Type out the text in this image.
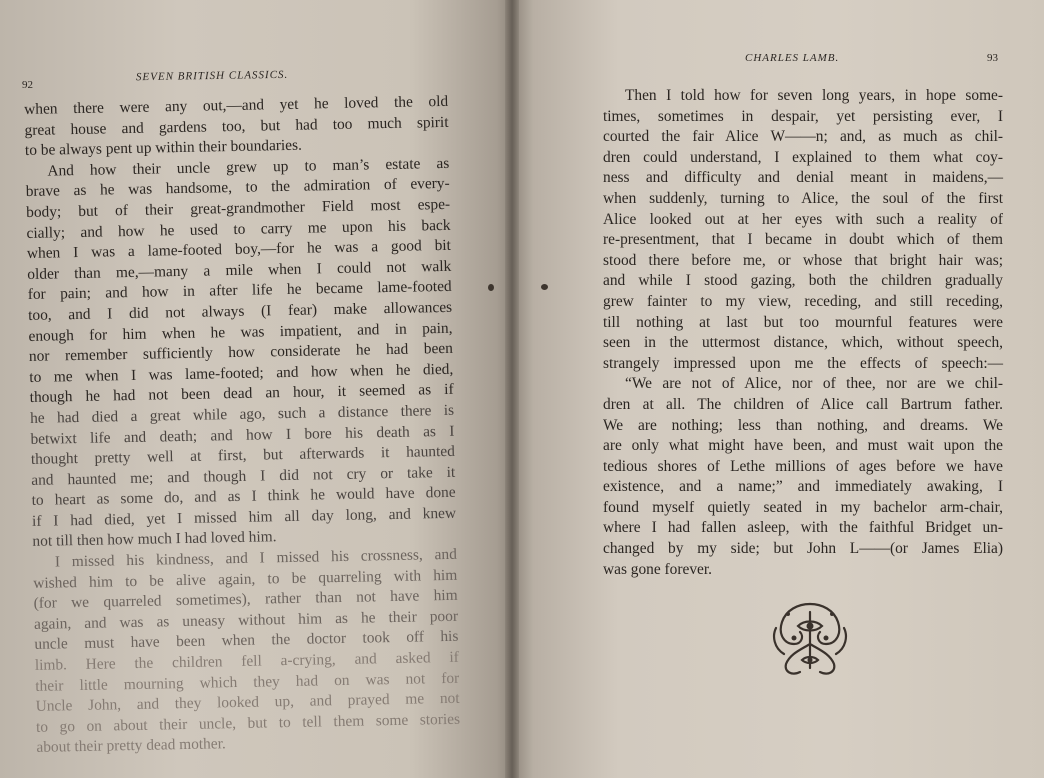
92
SEVEN BRITISH CLASSICS.
when there were any out,—and yet he loved the old
great house and gardens too, but had too much spirit
to be always pent up within their boundaries.
And how their uncle grew up to man’s estate as
brave as he was handsome, to the admiration of every-
body; but of their great-grandmother Field most espe-
cially; and how he used to carry me upon his back
when I was a lame-footed boy,—for he was a good bit
older than me,—many a mile when I could not walk
for pain; and how in after life he became lame-footed
too, and I did not always (I fear) make allowances
enough for him when he was impatient, and in pain,
nor remember sufficiently how considerate he had been
to me when I was lame-footed; and how when he died,
though he had not been dead an hour, it seemed as if
he had died a great while ago, such a distance there is
betwixt life and death; and how I bore his death as I
thought pretty well at first, but afterwards it haunted
and haunted me; and though I did not cry or take it
to heart as some do, and as I think he would have done
if I had died, yet I missed him all day long, and knew
not till then how much I had loved him.
I missed his kindness, and I missed his crossness, and
wished him to be alive again, to be quarreling with him
(for we quarreled sometimes), rather than not have him
again, and was as uneasy without him as he their poor
uncle must have been when the doctor took off his
limb. Here the children fell a-crying, and asked if
their little mourning which they had on was not for
Uncle John, and they looked up, and prayed me not
to go on about their uncle, but to tell them some stories
about their pretty dead mother.
CHARLES LAMB.	93
Then I told how for seven long years, in hope some-
times, sometimes in despair, yet persisting ever, I
courted the fair Alice W——n; and, as much as chil-
dren could understand, I explained to them what coy-
ness and difficulty and denial meant in maidens,—
when suddenly, turning to Alice, the soul of the first
Alice looked out at her eyes with such a reality of
re-presentment, that I became in doubt which of them
stood there before me, or whose that bright hair was;
and while I stood gazing, both the children gradually
grew fainter to my view, receding, and still receding,
till nothing at last but too mournful features were
seen in the uttermost distance, which, without speech,
strangely impressed upon me the effects of speech:—
“We are not of Alice, nor of thee, nor are we chil-
dren at all. The children of Alice call Bartrum father.
We are nothing; less than nothing, and dreams. We
are only what might have been, and must wait upon the
tedious shores of Lethe millions of ages before we have
existence, and a name;” and immediately awaking, I
found myself quietly seated in my bachelor arm-chair,
where I had fallen asleep, with the faithful Bridget un-
changed by my side; but John L——(or James Elia)
was gone forever.
